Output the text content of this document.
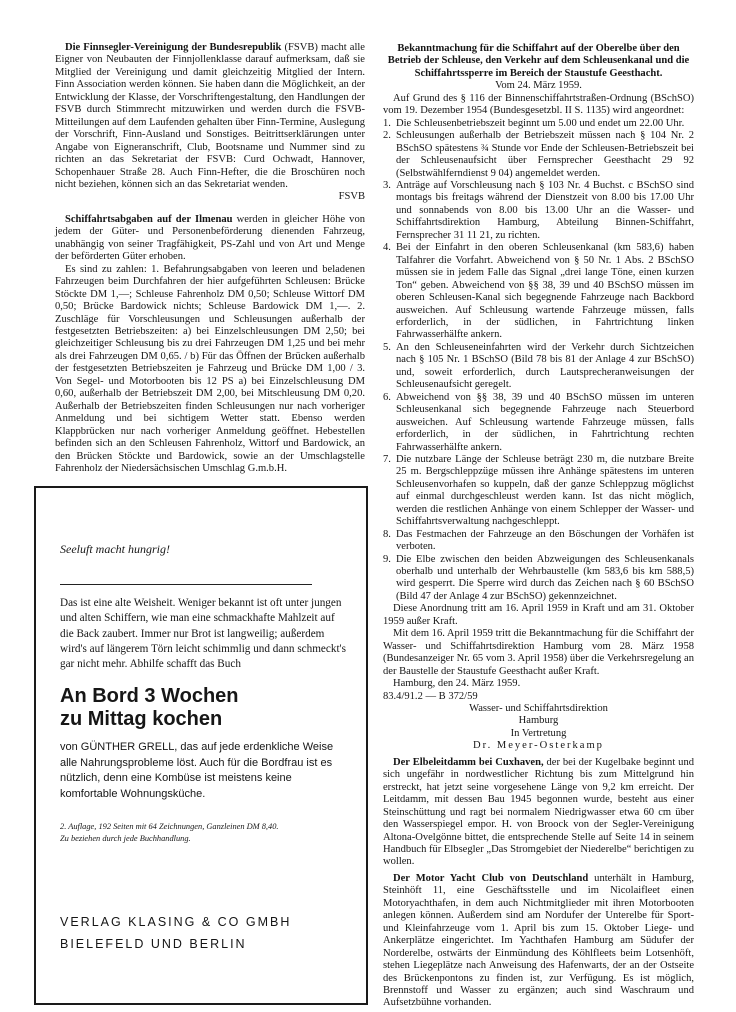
Die Finnsegler-Vereinigung der Bundesrepublik (FSVB) macht alle Eigner von Neubauten der Finnjollenklasse darauf aufmerksam, daß sie Mitglied der Vereinigung und damit gleichzeitig Mitglied der Intern. Finn Association werden können. Sie haben dann die Möglichkeit, an der Entwicklung der Klasse, der Vorschriftengestaltung, den Handlungen der FSVB durch Stimmrecht mitzuwirken und werden durch die FSVB-Mitteilungen auf dem Laufenden gehalten über Finn-Termine, Auslegung der Vorschrift, Finn-Ausland und Sonstiges. Beitrittserklärungen unter Angabe von Eigneranschrift, Club, Bootsname und Nummer sind zu richten an das Sekretariat der FSVB: Curd Ochwadt, Hannover, Schopenhauer Straße 28. Auch Finn-Hefter, die die Broschüren noch nicht beziehen, können sich an das Sekretariat wenden.

FSVB

Schiffahrtsabgaben auf der Ilmenau werden in gleicher Höhe von jedem der Güter- und Personenbeförderung dienenden Fahrzeug, unabhängig von seiner Tragfähigkeit, PS-Zahl und von Art und Menge der beförderten Güter erhoben.

Es sind zu zahlen: 1. Befahrungsabgaben von leeren und beladenen Fahrzeugen beim Durchfahren der hier aufgeführten Schleusen: Brücke Stöckte DM 1,—; Schleuse Fahrenholz DM 0,50; Schleuse Wittorf DM 0,50; Brücke Bardowick nichts; Schleuse Bardowick DM 1,—. 2. Zuschläge für Vorschleusungen und Schleusungen außerhalb der festgesetzten Betriebszeiten: a) bei Einzelschleusungen DM 2,50; bei gleichzeitiger Schleusung bis zu drei Fahrzeugen DM 1,25 und bei mehr als drei Fahrzeugen DM 0,65. / b) Für das Öffnen der Brücken außerhalb der festgesetzten Betriebszeiten je Fahrzeug und Brücke DM 1,00 / 3. Von Segel- und Motorbooten bis 12 PS a) bei Einzelschleusung DM 0,60, außerhalb der Betriebszeit DM 2,00, bei Mitschleusung DM 0,20. Außerhalb der Betriebszeiten finden Schleusungen nur nach vorheriger Anmeldung und bei sichtigem Wetter statt. Ebenso werden Klappbrücken nur nach vorheriger Anmeldung geöffnet. Hebestellen befinden sich an den Schleusen Fahrenholz, Wittorf und Bardowick, an den Brücken Stöckte und Bardowick, sowie an der Umschlagstelle Fahrenholz der Niedersächsischen Umschlag G.m.b.H.

Seeluft macht hungrig!
Das ist eine alte Weisheit. Weniger bekannt ist oft unter jungen und alten Schiffern, wie man eine schmackhafte Mahlzeit auf die Back zaubert. Immer nur Brot ist langweilig; außerdem wird's auf längerem Törn leicht schimmlig und dann schmeckt's gar nicht mehr. Abhilfe schafft das Buch
An Bord 3 Wochen
zu Mittag kochen
von GÜNTHER GRELL, das auf jede erdenkliche Weise alle Nahrungsprobleme löst. Auch für die Bordfrau ist es nützlich, denn eine Kombüse ist meistens keine komfortable Wohnungsküche.
2. Auflage, 192 Seiten mit 64 Zeichnungen, Ganzleinen DM 8,40.
Zu beziehen durch jede Buchhandlung.
VERLAG KLASING & CO GMBH
BIELEFELD UND BERLIN

Bekanntmachung für die Schiffahrt auf der Oberelbe über den Betrieb der Schleuse, den Verkehr auf dem Schleusenkanal und die Schiffahrtssperre im Bereich der Staustufe Geesthacht.

Vom 24. März 1959.

Auf Grund des § 116 der Binnenschiffahrtstraßen-Ordnung (BSchSO) vom 19. Dezember 1954 (Bundesgesetzbl. II S. 1135) wird angeordnet:

1. Die Schleusenbetriebszeit beginnt um 5.00 und endet um 22.00 Uhr.
2. Schleusungen außerhalb der Betriebszeit müssen nach § 104 Nr. 2 BSchSO spätestens ¾ Stunde vor Ende der Schleusen-Betriebszeit bei der Schleusenaufsicht über Fernsprecher Geesthacht 29 92 (Selbstwählferndienst 9 04) angemeldet werden.
3. Anträge auf Vorschleusung nach § 103 Nr. 4 Buchst. c BSchSO sind montags bis freitags während der Dienstzeit von 8.00 bis 17.00 Uhr und sonnabends von 8.00 bis 13.00 Uhr an die Wasser- und Schiffahrtsdirektion Hamburg, Abteilung Binnen-Schiffahrt, Fernsprecher 31 11 21, zu richten.
4. Bei der Einfahrt in den oberen Schleusenkanal (km 583,6) haben Talfahrer die Vorfahrt. Abweichend von § 50 Nr. 1 Abs. 2 BSchSO müssen sie in jedem Falle das Signal „drei lange Töne, einen kurzen Ton“ geben. Abweichend von §§ 38, 39 und 40 BSchSO müssen im oberen Schleusen-Kanal sich begegnende Fahrzeuge nach Backbord ausweichen. Auf Schleusung wartende Fahrzeuge müssen, falls erforderlich, in der südlichen, in Fahrtrichtung linken Fahrwasserhälfte ankern.
5. An den Schleuseneinfahrten wird der Verkehr durch Sichtzeichen nach § 105 Nr. 1 BSchSO (Bild 78 bis 81 der Anlage 4 zur BSchSO) und, soweit erforderlich, durch Lautsprecheranweisungen der Schleusenaufsicht geregelt.
6. Abweichend von §§ 38, 39 und 40 BSchSO müssen im unteren Schleusenkanal sich begegnende Fahrzeuge nach Steuerbord ausweichen. Auf Schleusung wartende Fahrzeuge müssen, falls erforderlich, in der südlichen, in Fahrtrichtung rechten Fahrwasserhälfte ankern.
7. Die nutzbare Länge der Schleuse beträgt 230 m, die nutzbare Breite 25 m. Bergschleppzüge müssen ihre Anhänge spätestens im unteren Schleusenvorhafen so kuppeln, daß der ganze Schleppzug möglichst auf einmal durchgeschleust werden kann. Ist das nicht möglich, werden die restlichen Anhänge von einem Schlepper der Wasser- und Schiffahrtsverwaltung nachgeschleppt.
8. Das Festmachen der Fahrzeuge an den Böschungen der Vorhäfen ist verboten.
9. Die Elbe zwischen den beiden Abzweigungen des Schleusenkanals oberhalb und unterhalb der Wehrbaustelle (km 583,6 bis km 588,5) wird gesperrt. Die Sperre wird durch das Zeichen nach § 60 BSchSO (Bild 47 der Anlage 4 zur BSchSO) gekennzeichnet.

Diese Anordnung tritt am 16. April 1959 in Kraft und am 31. Oktober 1959 außer Kraft.

Mit dem 16. April 1959 tritt die Bekanntmachung für die Schiffahrt der Wasser- und Schiffahrtsdirektion Hamburg vom 28. März 1958 (Bundesanzeiger Nr. 65 vom 3. April 1958) über die Verkehrsregelung an der Baustelle der Staustufe Geesthacht außer Kraft.

Hamburg, den 24. März 1959.

83.4/91.2 — B 372/59

Wasser- und Schiffahrtsdirektion

Hamburg

In Vertretung

Dr. Meyer-Osterkamp

Der Elbeleitdamm bei Cuxhaven, der bei der Kugelbake beginnt und sich ungefähr in nordwestlicher Richtung bis zum Mittelgrund hin erstreckt, hat jetzt seine vorgesehene Länge von 9,2 km erreicht. Der Leitdamm, mit dessen Bau 1945 begonnen wurde, besteht aus einer Steinschüttung und ragt bei normalem Niedrigwasser etwa 60 cm über den Wasserspiegel empor. H. von Broock von der Segler-Vereinigung Altona-Ovelgönne bittet, die entsprechende Stelle auf Seite 14 in seinem Handbuch für Elbsegler „Das Stromgebiet der Niederelbe“ berichtigen zu wollen.

Der Motor Yacht Club von Deutschland unterhält in Hamburg, Steinhöft 11, eine Geschäftsstelle und im Nicolaifleet einen Motoryachthafen, in dem auch Nichtmitglieder mit ihren Motorbooten anlegen können. Außerdem sind am Nordufer der Unterelbe für Sport- und Kleinfahrzeuge vom 1. April bis zum 15. Oktober Liege- und Ankerplätze eingerichtet. Im Yachthafen Hamburg am Südufer der Norderelbe, ostwärts der Einmündung des Köhlfleets beim Lotsenhöft, stehen Liegeplätze nach Anweisung des Hafenwarts, der an der Ostseite des Brückenpontons zu finden ist, zur Verfügung. Es ist möglich, Brennstoff und Wasser zu ergänzen; auch sind Waschraum und Aufsetzbühne vorhanden.
